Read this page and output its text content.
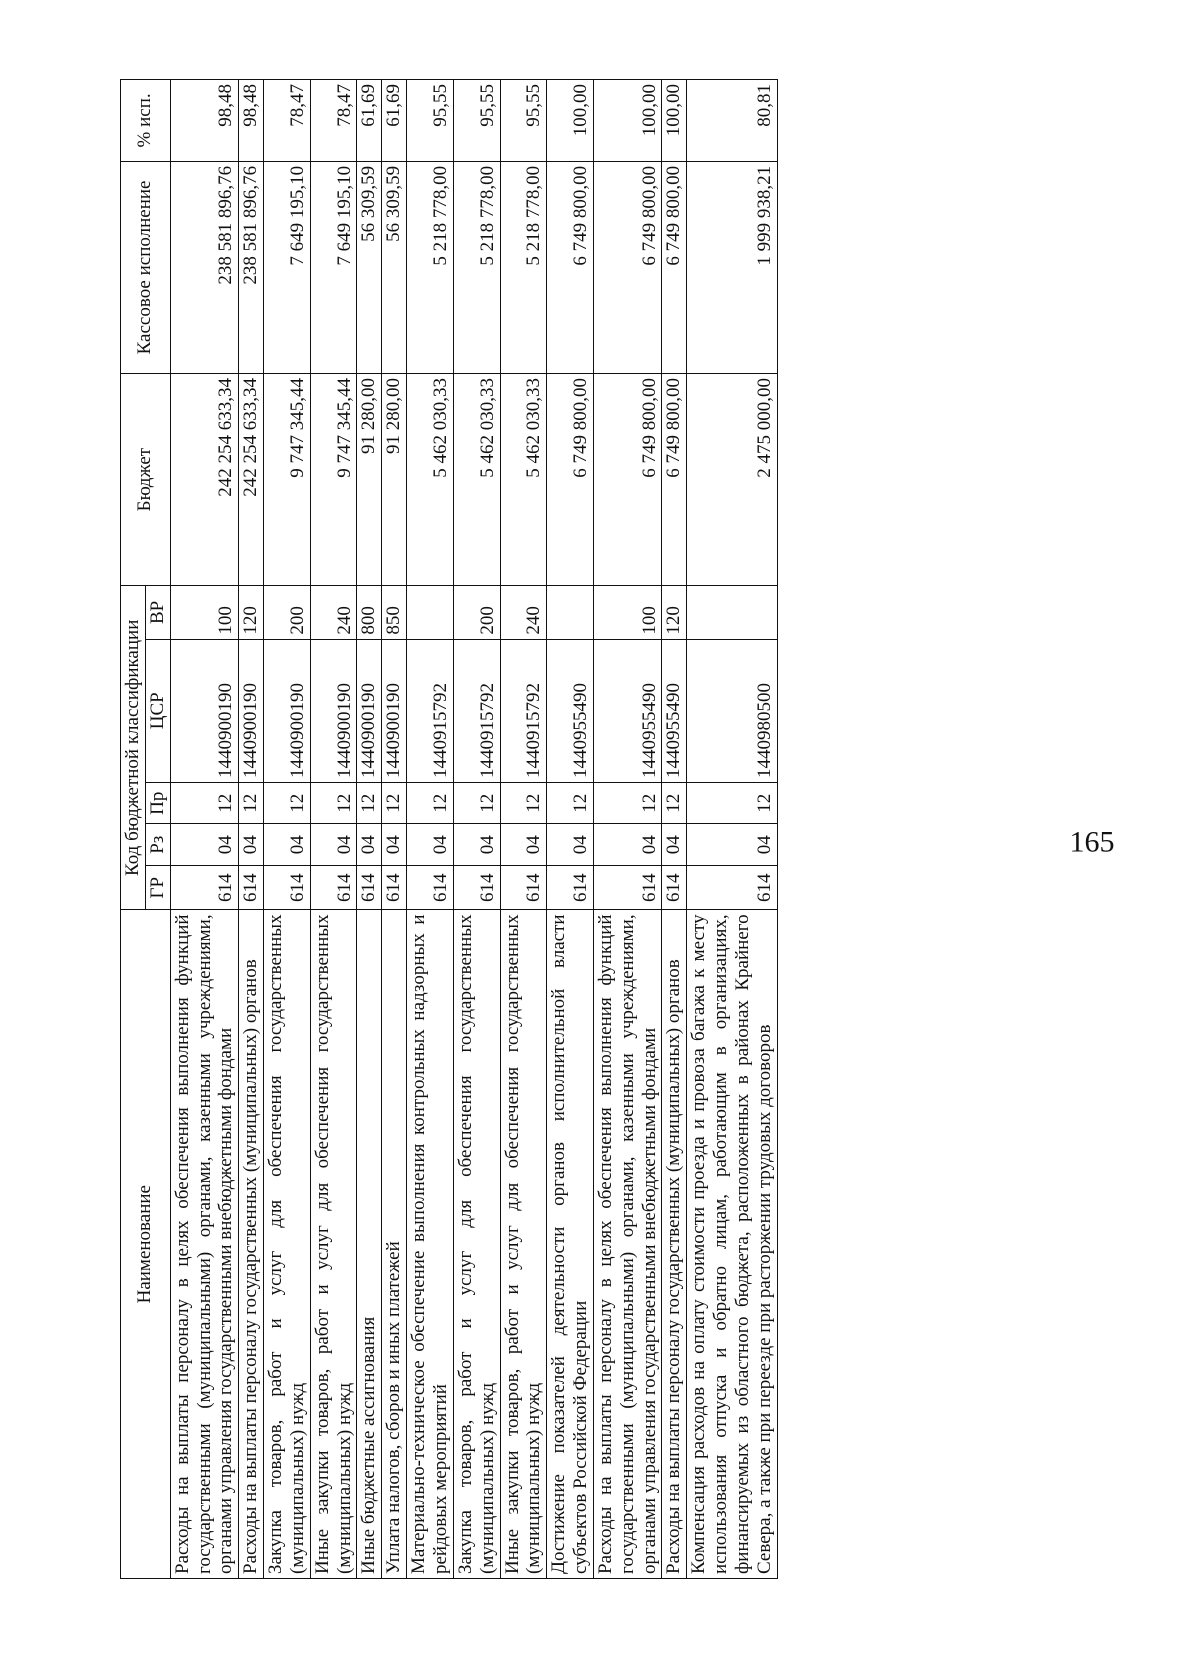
165
Наименование	Код бюджетной классификации					Бюджет	Кассовое исполнение	% исп.
	ГР	Рз	Пр	ЦСР	ВР			
Расходы на выплаты персоналу в целях обеспечения выполнения функций государственными (муниципальными) органами, казенными учреждениями, органами управления государственными внебюджетными фондами	614	04	12	1440900190	100	242 254 633,34	238 581 896,76	98,48
Расходы на выплаты персоналу государственных (муниципальных) органов	614	04	12	1440900190	120	242 254 633,34	238 581 896,76	98,48
Закупка товаров, работ и услуг для обеспечения государственных (муниципальных) нужд	614	04	12	1440900190	200	9 747 345,44	7 649 195,10	78,47
Иные закупки товаров, работ и услуг для обеспечения государственных (муниципальных) нужд	614	04	12	1440900190	240	9 747 345,44	7 649 195,10	78,47
Иные бюджетные ассигнования	614	04	12	1440900190	800	91 280,00	56 309,59	61,69
Уплата налогов, сборов и иных платежей	614	04	12	1440900190	850	91 280,00	56 309,59	61,69
Материально-техническое обеспечение выполнения контрольных надзорных и рейдовых мероприятий	614	04	12	1440915792		5 462 030,33	5 218 778,00	95,55
Закупка товаров, работ и услуг для обеспечения государственных (муниципальных) нужд	614	04	12	1440915792	200	5 462 030,33	5 218 778,00	95,55
Иные закупки товаров, работ и услуг для обеспечения государственных (муниципальных) нужд	614	04	12	1440915792	240	5 462 030,33	5 218 778,00	95,55
Достижение показателей деятельности органов исполнительной власти субъектов Российской Федерации	614	04	12	1440955490		6 749 800,00	6 749 800,00	100,00
Расходы на выплаты персоналу в целях обеспечения выполнения функций государственными (муниципальными) органами, казенными учреждениями, органами управления государственными внебюджетными фондами	614	04	12	1440955490	100	6 749 800,00	6 749 800,00	100,00
Расходы на выплаты персоналу государственных (муниципальных) органов	614	04	12	1440955490	120	6 749 800,00	6 749 800,00	100,00
Компенсация расходов на оплату стоимости проезда и провоза багажа к месту использования отпуска и обратно лицам, работающим в организациях, финансируемых из областного бюджета, расположенных в районах Крайнего Севера, а также при переезде при расторжении трудовых договоров	614	04	12	1440980500		2 475 000,00	1 999 938,21	80,81
